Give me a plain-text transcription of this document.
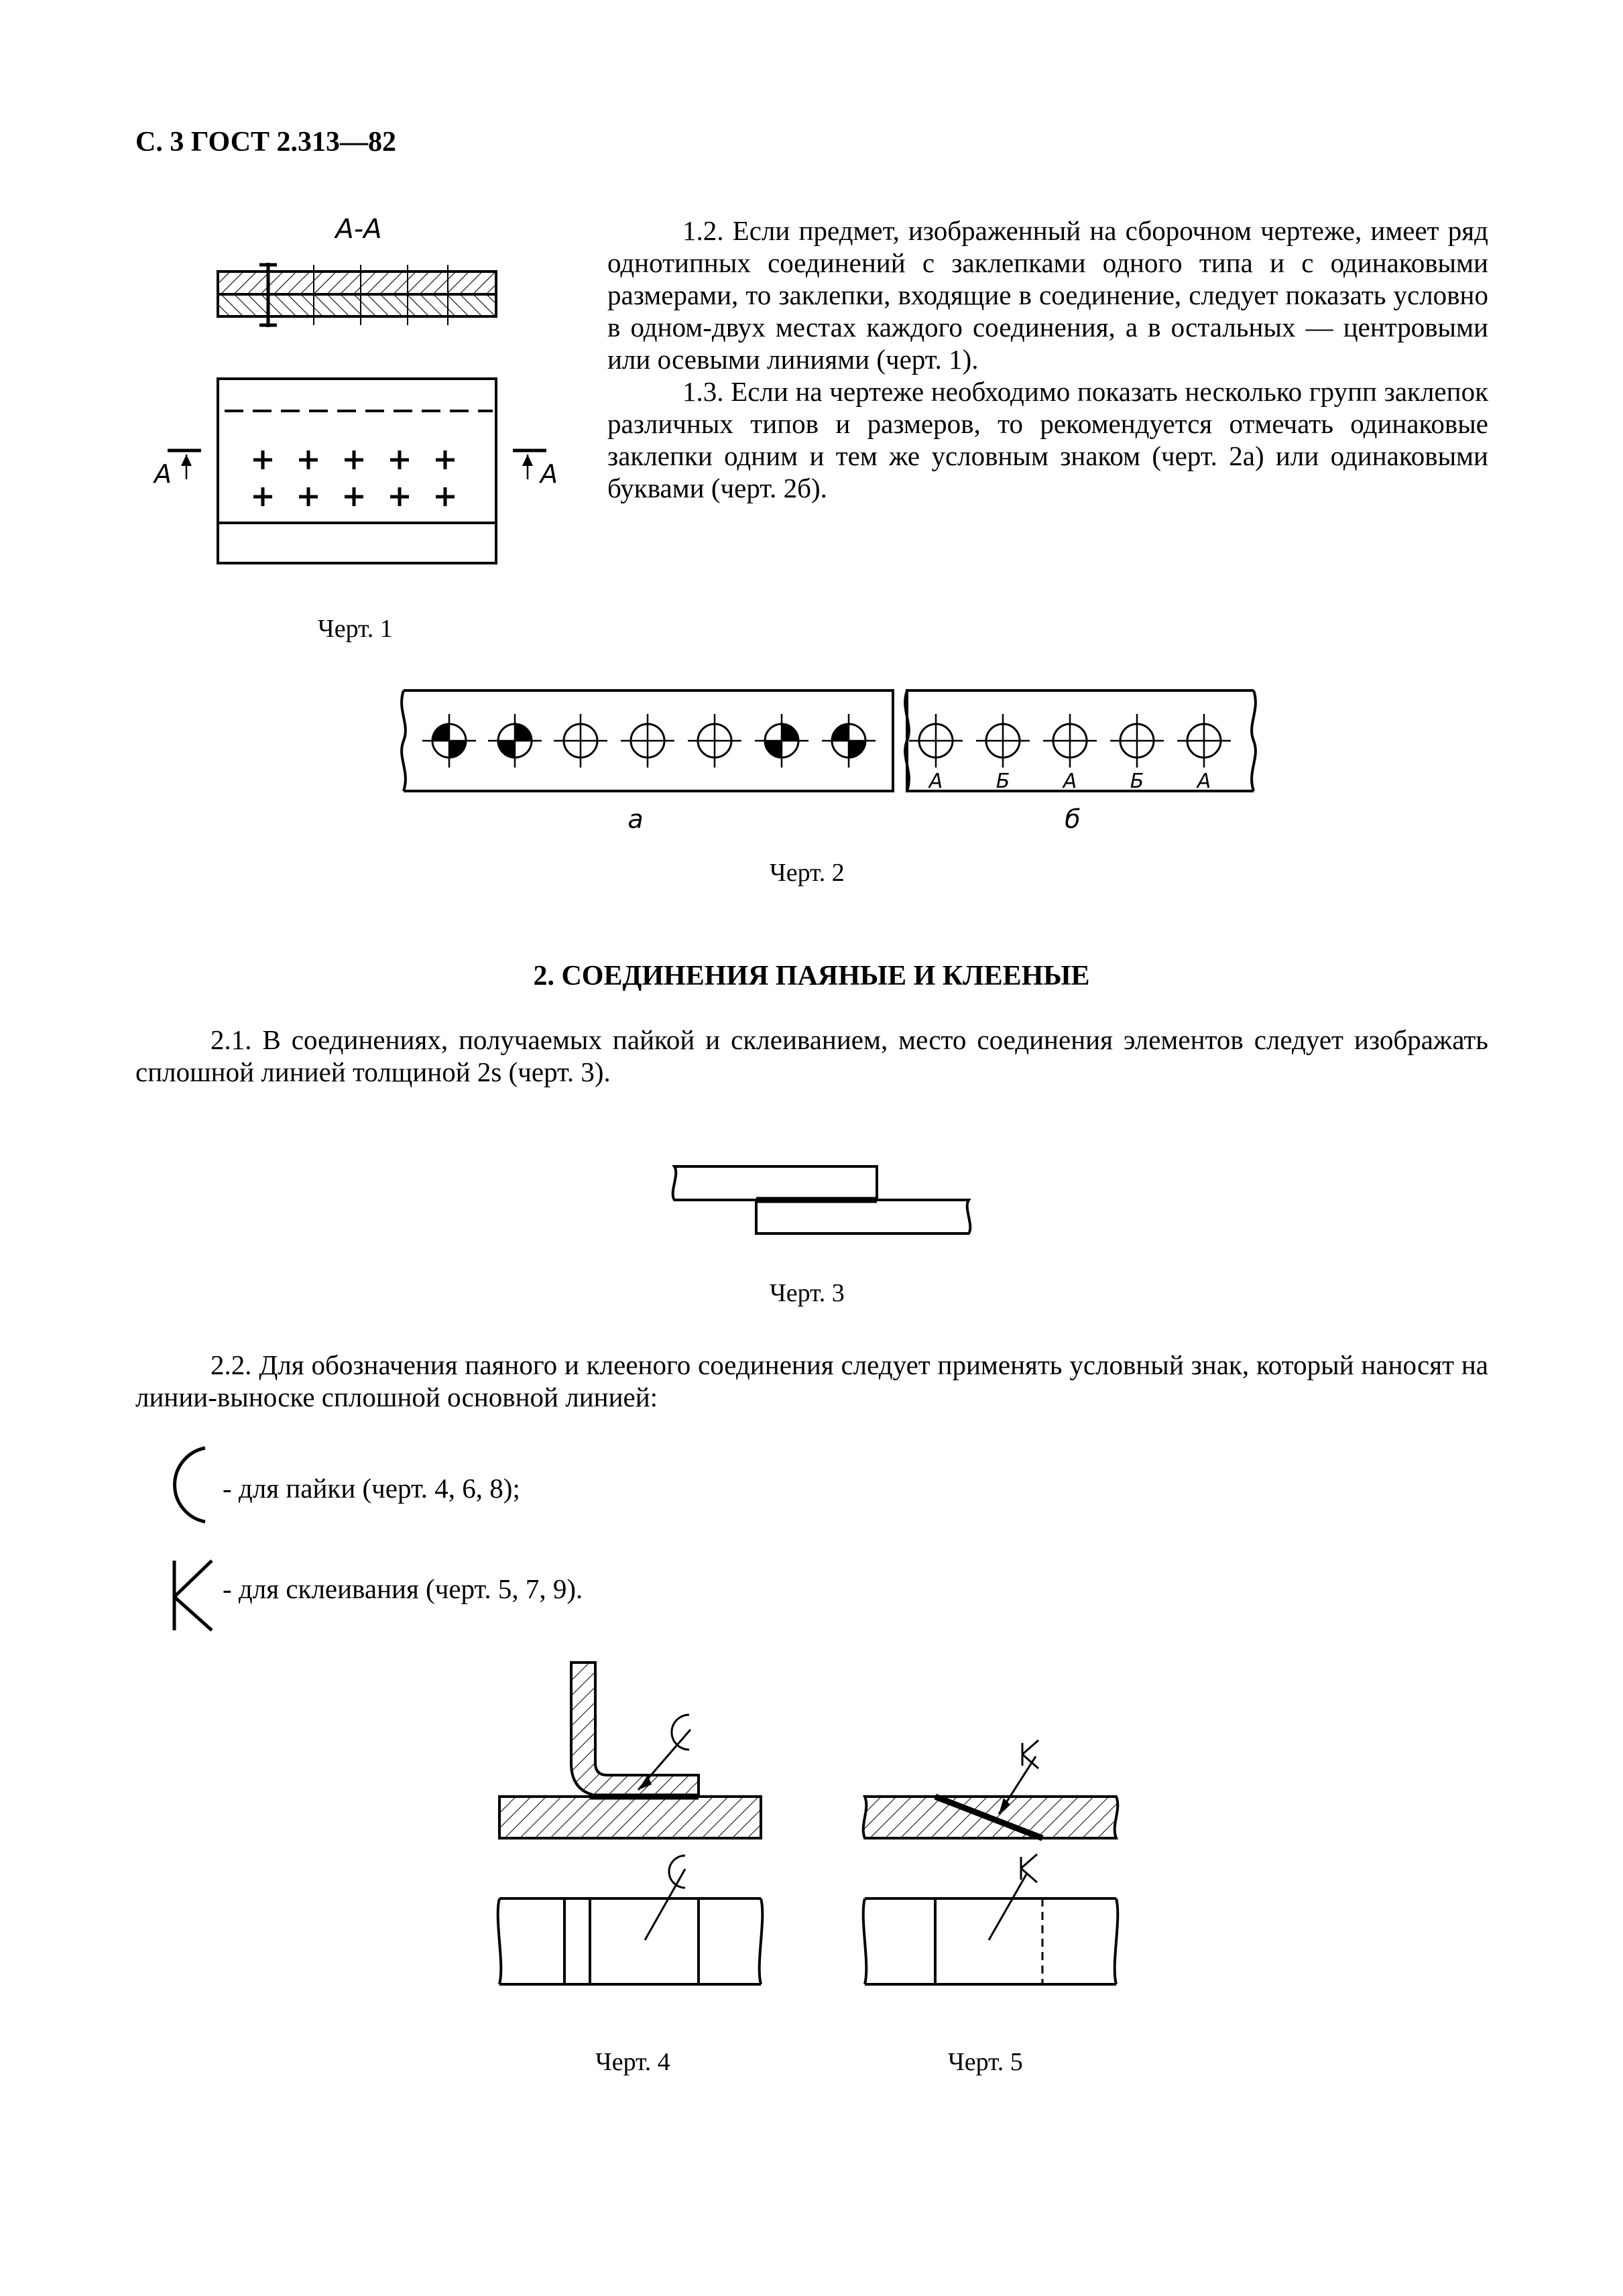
С. 3 ГОСТ 2.313—82

1.2. Если предмет, изображенный на сборочном чертеже, имеет ряд однотипных соединений с заклепками одного типа и с одинаковыми размерами, то заклепки, входящие в соединение, следует показать условно в одном-двух местах каждого соединения, а в остальных — центровыми или осевыми линиями (черт. 1).

1.3. Если на чертеже необходимо показать несколько групп заклепок различных типов и размеров, то рекомендуется отмечать одинаковые заклепки одним и тем же условным знаком (черт. 2а) или одинаковыми буквами (черт. 2б).

А-А
А	А
Черт. 1
А	Б	А	Б	А
а	б
Черт. 2
2. СОЕДИНЕНИЯ ПАЯНЫЕ И КЛЕЕНЫЕ

2.1. В соединениях, получаемых пайкой и склеиванием, место соединения элементов следует изображать сплошной линией толщиной 2s (черт. 3).

Черт. 3

2.2. Для обозначения паяного и клееного соединения следует применять условный знак, который наносят на линии-выноске сплошной основной линией:

- для пайки (черт. 4, 6, 8);
- для склеивания (черт. 5, 7, 9).
Черт. 4	Черт. 5
